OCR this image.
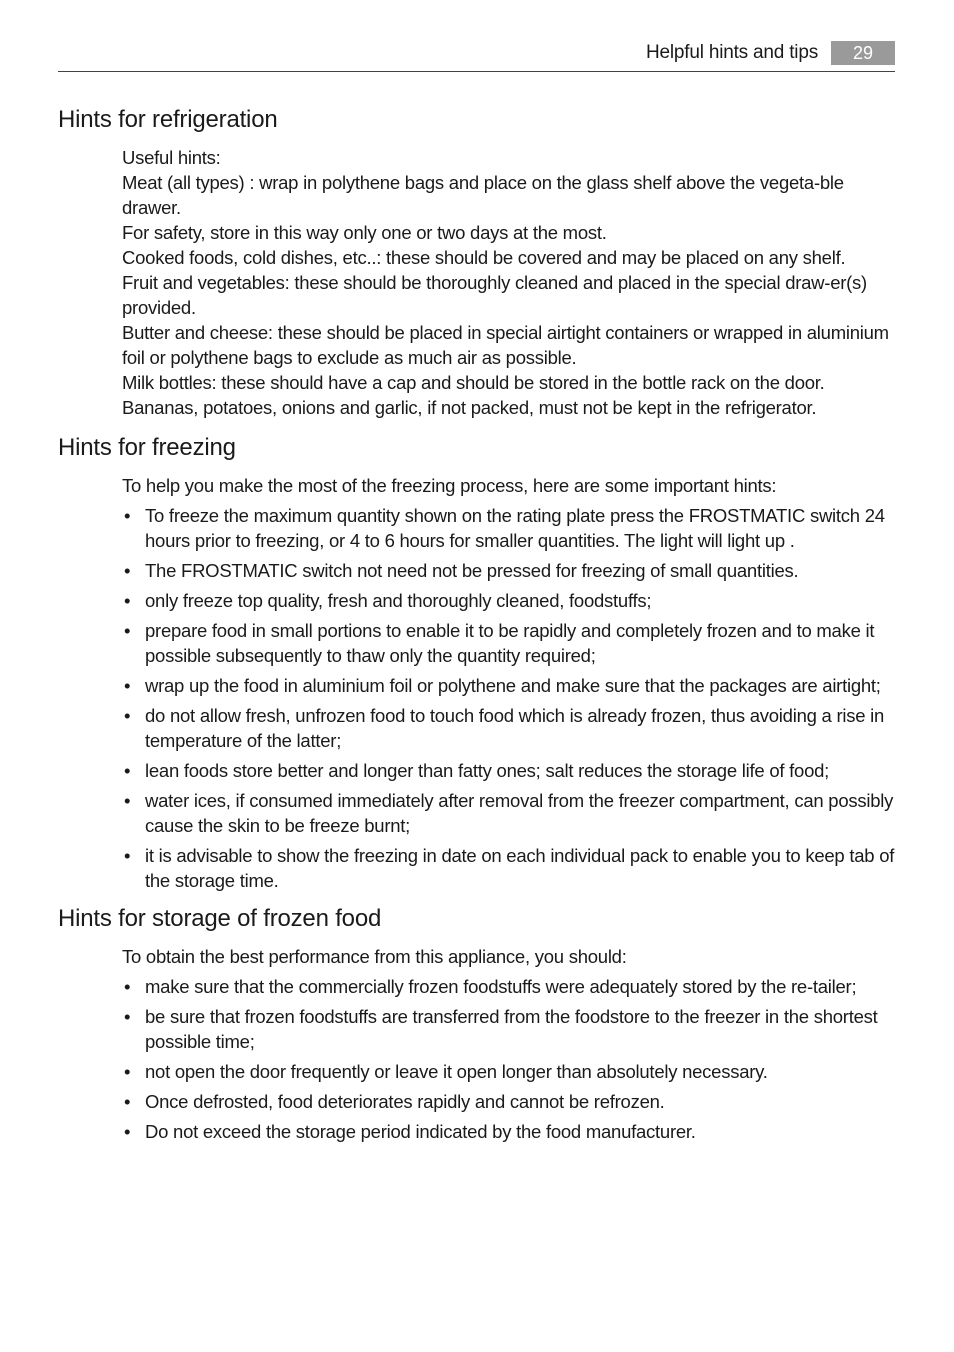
Helpful hints and tips	29
Hints for refrigeration

Useful hints:

Meat (all types) : wrap in polythene bags and place on the glass shelf above the vegeta-ble drawer.

For safety, store in this way only one or two days at the most.

Cooked foods, cold dishes, etc..: these should be covered and may be placed on any shelf.

Fruit and vegetables: these should be thoroughly cleaned and placed in the special draw-er(s) provided.

Butter and cheese: these should be placed in special airtight containers or wrapped in aluminium foil or polythene bags to exclude as much air as possible.

Milk bottles: these should have a cap and should be stored in the bottle rack on the door.

Bananas, potatoes, onions and garlic, if not packed, must not be kept in the refrigerator.

Hints for freezing

To help you make the most of the freezing process, here are some important hints:

• To freeze the maximum quantity shown on the rating plate press the FROSTMATIC switch 24 hours prior to freezing, or 4 to 6 hours for smaller quantities. The light will light up .
• The FROSTMATIC switch not need not be pressed for freezing of small quantities.
• only freeze top quality, fresh and thoroughly cleaned, foodstuffs;
• prepare food in small portions to enable it to be rapidly and completely frozen and to make it possible subsequently to thaw only the quantity required;
• wrap up the food in aluminium foil or polythene and make sure that the packages are airtight;
• do not allow fresh, unfrozen food to touch food which is already frozen, thus avoiding a rise in temperature of the latter;
• lean foods store better and longer than fatty ones; salt reduces the storage life of food;
• water ices, if consumed immediately after removal from the freezer compartment, can possibly cause the skin to be freeze burnt;
• it is advisable to show the freezing in date on each individual pack to enable you to keep tab of the storage time.
Hints for storage of frozen food

To obtain the best performance from this appliance, you should:

• make sure that the commercially frozen foodstuffs were adequately stored by the re-tailer;
• be sure that frozen foodstuffs are transferred from the foodstore to the freezer in the shortest possible time;
• not open the door frequently or leave it open longer than absolutely necessary.
• Once defrosted, food deteriorates rapidly and cannot be refrozen.
• Do not exceed the storage period indicated by the food manufacturer.
